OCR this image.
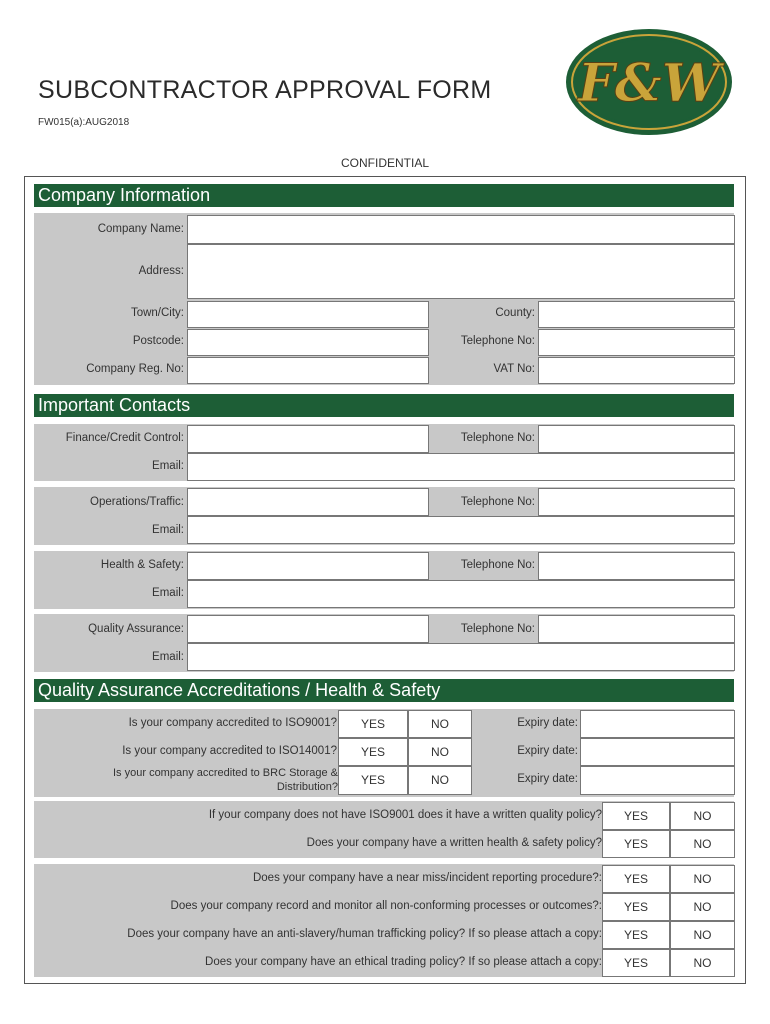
SUBCONTRACTOR APPROVAL FORM
FW015(a):AUG2018
CONFIDENTIAL
F&W
Company Information
Company Name:
Address:
Town/City:	County:
Postcode:	Telephone No:
Company Reg. No:	VAT No:
Important Contacts
Finance/Credit Control:	Telephone No:
Email:
Operations/Traffic:	Telephone No:
Email:
Health & Safety:	Telephone No:
Email:
Quality Assurance:	Telephone No:
Email:
Quality Assurance Accreditations / Health & Safety
Is your company accredited to ISO9001?	YES	NO	Expiry date:
Is your company accredited to ISO14001?	YES	NO	Expiry date:
Is your company accredited to BRC Storage & Distribution?	YES	NO	Expiry date:
If your company does not have ISO9001 does it have a written quality policy?	YES	NO
Does your company have a written health & safety policy?	YES	NO
Does your company have a near miss/incident reporting procedure?:	YES	NO
Does your company record and monitor all non-conforming processes or outcomes?:	YES	NO
Does your company have an anti-slavery/human trafficking policy? If so please attach a copy:	YES	NO
Does your company have an ethical trading policy? If so please attach a copy:	YES	NO
